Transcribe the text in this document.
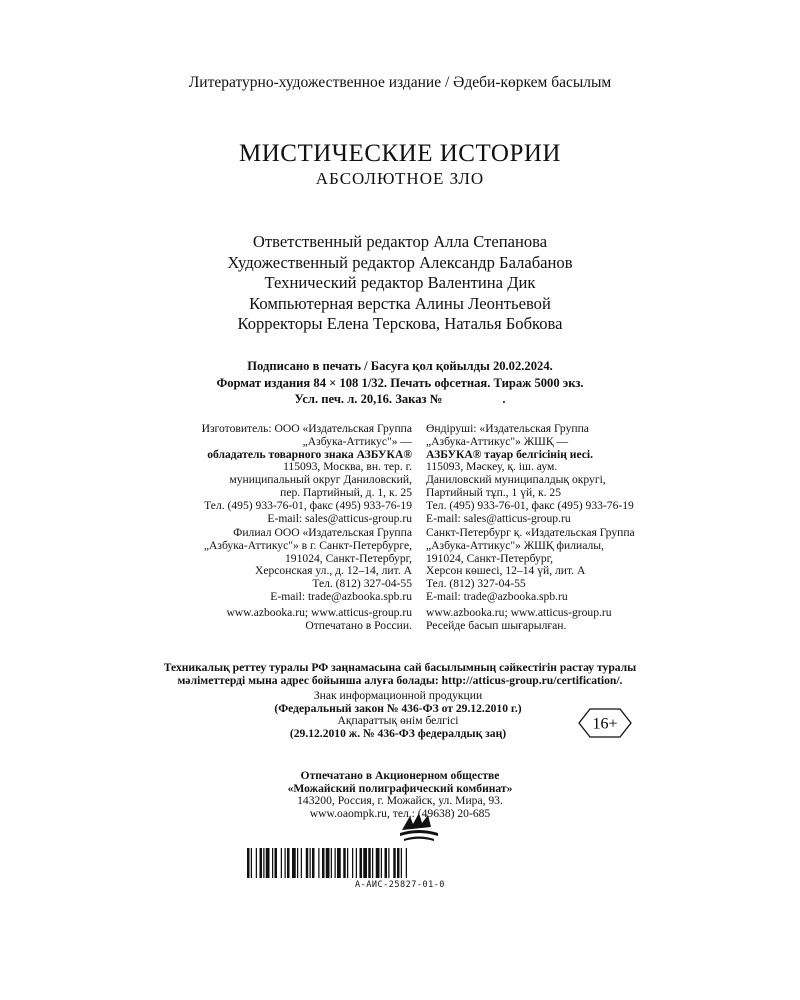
Литературно-художественное издание / Әдеби-көркем басылым
МИСТИЧЕСКИЕ ИСТОРИИ
АБСОЛЮТНОЕ ЗЛО

Ответственный редактор Алла Степанова

Художественный редактор Александр Балабанов

Технический редактор Валентина Дик

Компьютерная верстка Алины Леонтьевой

Корректоры Елена Терскова, Наталья Бобкова

Подписано в печать / Басуға қол қойылды 20.02.2024.

Формат издания 84 × 108 1/32. Печать офсетная. Тираж 5000 экз.

Усл. печ. л. 20,16. Заказ №	.

Изготовитель: ООО «Издательская Группа

„Азбука-Аттикус"» —

обладатель товарного знака АЗБУКА®

115093, Москва, вн. тер. г.

муниципальный округ Даниловский,

пер. Партийный, д. 1, к. 25

Тел. (495) 933-76-01, факс (495) 933-76-19

E-mail: sales@atticus-group.ru

Өндіруші: «Издательская Группа

„Азбука-Аттикус"» ЖШҚ —

АЗБУКА® тауар белгісінің иесі.

115093, Мәскеу, қ. іш. аум.

Даниловский муниципалдық округі,

Партийный тұп., 1 үй, к. 25

Тел. (495) 933-76-01, факс (495) 933-76-19

E-mail: sales@atticus-group.ru

Филиал ООО «Издательская Группа

„Азбука-Аттикус"» в г. Санкт-Петербурге,

191024, Санкт-Петербург,

Херсонская ул., д. 12–14, лит. А

Тел. (812) 327-04-55

E-mail: trade@azbooka.spb.ru

Санкт-Петербург қ. «Издательская Группа

„Азбука-Аттикус"» ЖШҚ филиалы,

191024, Санкт-Петербург,

Херсон көшесі, 12–14 үй, лит. А

Тел. (812) 327-04-55

E-mail: trade@azbooka.spb.ru

www.azbooka.ru; www.atticus-group.ru

Отпечатано в России.

www.azbooka.ru; www.atticus-group.ru

Ресейде басып шығарылған.

Техникалық реттеу туралы РФ заңнамасына сай басылымның сәйкестігін растау туралы

мәліметтерді мына адрес бойынша алуға болады: http://atticus-group.ru/certification/.

Знак информационной продукции

(Федеральный закон № 436-ФЗ от 29.12.2010 г.)

Ақпараттық өнім белгісі

(29.12.2010 ж. № 436-ФЗ федералдық заң)

16+

Отпечатано в Акционерном обществе

«Можайский полиграфический комбинат»

143200, Россия, г. Можайск, ул. Мира, 93.

www.oaompk.ru, тел.: (49638) 20-685

А-АИС-25827-01-0
